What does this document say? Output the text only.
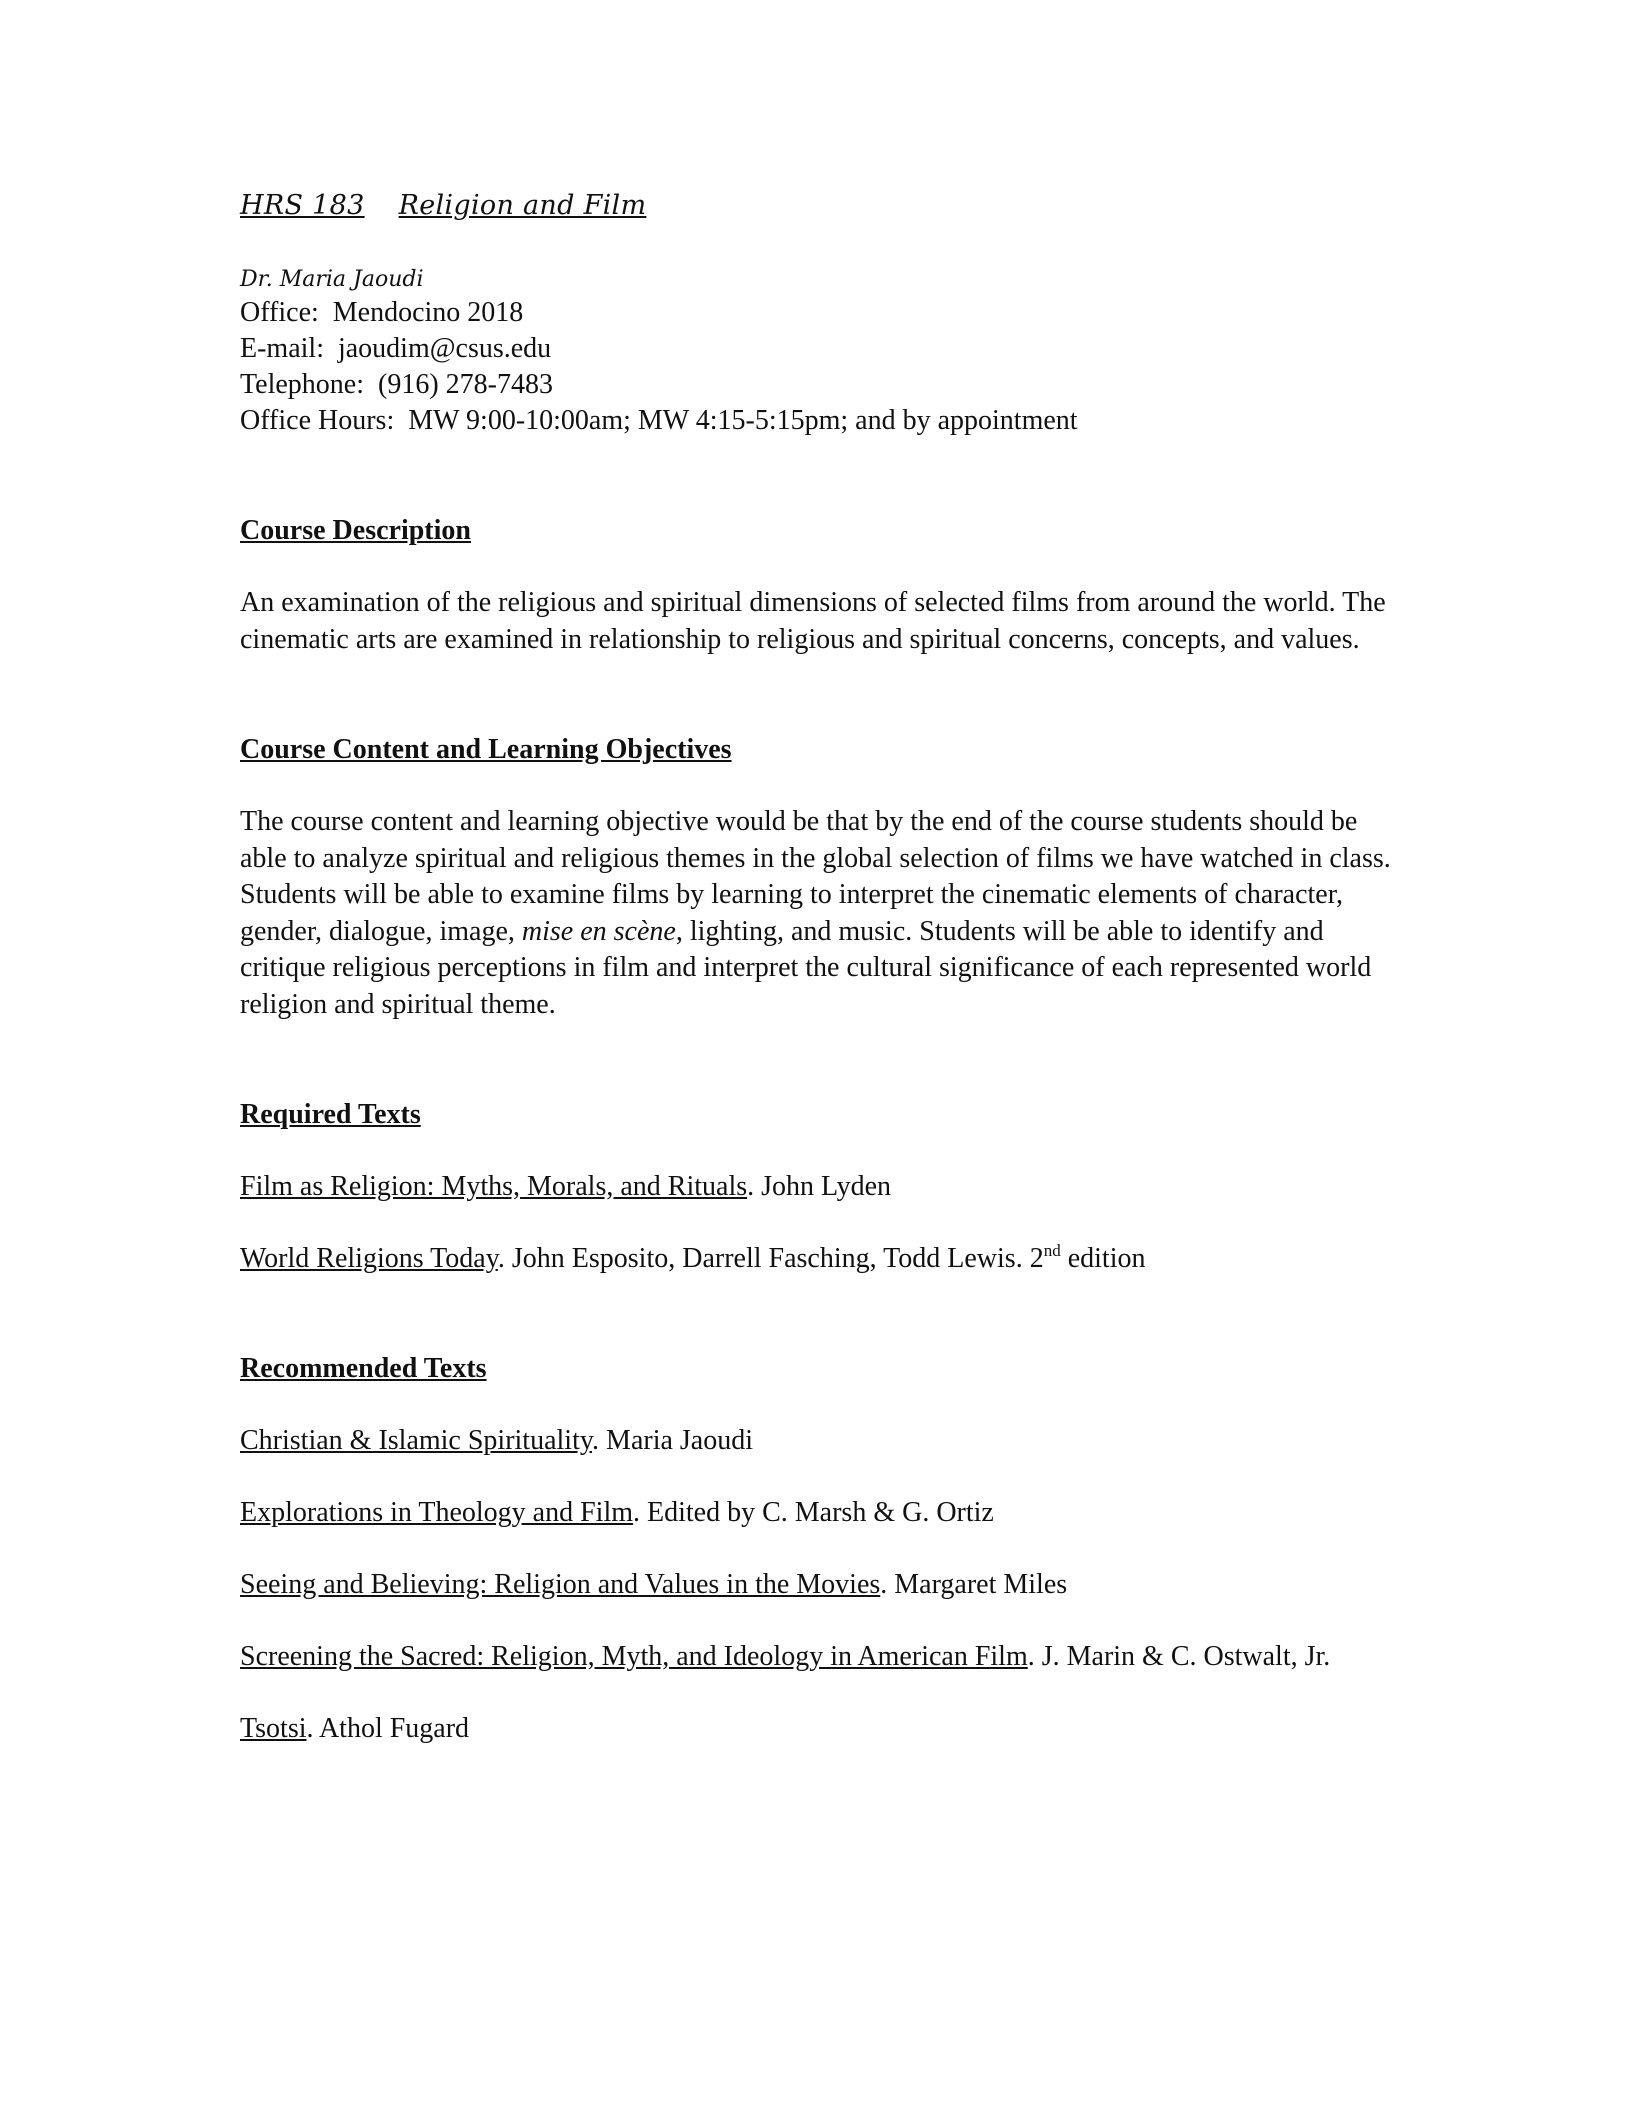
HRS 183 Religion and Film

Dr. Maria Jaoudi
Office:  Mendocino 2018
E-mail:  jaoudim@csus.edu
Telephone:  (916) 278-7483
Office Hours:  MW 9:00-10:00am; MW 4:15-5:15pm; and by appointment
Course Description

An examination of the religious and spiritual dimensions of selected films from around the world. The cinematic arts are examined in relationship to religious and spiritual concerns, concepts, and values.

Course Content and Learning Objectives

The course content and learning objective would be that by the end of the course students should be able to analyze spiritual and religious themes in the global selection of films we have watched in class. Students will be able to examine films by learning to interpret the cinematic elements of character, gender, dialogue, image, mise en scène, lighting, and music. Students will be able to identify and critique religious perceptions in film and interpret the cultural significance of each represented world religion and spiritual theme.

Required Texts

Film as Religion: Myths, Morals, and Rituals. John Lyden

World Religions Today. John Esposito, Darrell Fasching, Todd Lewis. 2nd edition

Recommended Texts

Christian & Islamic Spirituality. Maria Jaoudi

Explorations in Theology and Film. Edited by C. Marsh & G. Ortiz

Seeing and Believing: Religion and Values in the Movies. Margaret Miles

Screening the Sacred: Religion, Myth, and Ideology in American Film. J. Marin & C. Ostwalt, Jr.

Tsotsi. Athol Fugard
